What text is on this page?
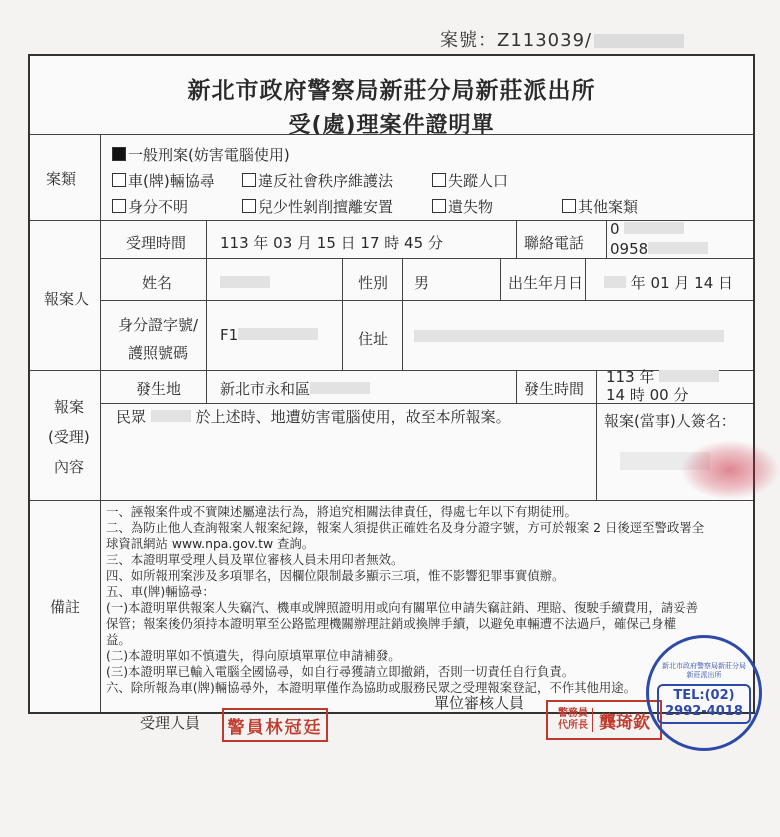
案號：Z113039/
新北市政府警察局新莊分局新莊派出所
受(處)理案件證明單
案類
一般刑案(妨害電腦使用)
車(牌)輛協尋	違反社會秩序維護法	失蹤人口
身分不明	兒少性剝削擅離安置	遺失物	其他案類
報案人
受理時間 113 年 03 月 15 日 17 時 45 分	聯絡電話
0
0958
姓名	性別 男	出生年月日	年 01 月 14 日
身分證字號/
護照號碼
F1	住址
報案
(受理)
內容
發生地	新北市永和區	發生時間
113 年
14 時 00 分
民眾	於上述時、地遭妨害電腦使用，故至本所報案。	報案(當事)人簽名：
備註
一、誣報案件或不實陳述屬違法行為，將追究相關法律責任，得處七年以下有期徒刑。
二、為防止他人查詢報案人報案紀錄，報案人須提供正確姓名及身分證字號，方可於報案 2 日後逕至警政署全
球資訊網站 www.npa.gov.tw 查詢。
三、本證明單受理人員及單位審核人員未用印者無效。
四、如所報刑案涉及多項罪名，因欄位限制最多顯示三項，惟不影響犯罪事實偵辦。
五、車(牌)輛協尋：
(一)本證明單供報案人失竊汽、機車或牌照證明用或向有關單位申請失竊註銷、理賠、復駛手續費用，請妥善
保管；報案後仍須持本證明單至公路監理機關辦理註銷或換牌手續，以避免車輛遭不法過戶，確保己身權
益。
(二)本證明單如不慎遺失，得向原填單單位申請補發。
(三)本證明單已輸入電腦全國協尋，如自行尋獲請立即撤銷，否則一切責任自行負責。
六、除所報為車(牌)輛協尋外，本證明單僅作為協助或服務民眾之受理報案登記，不作其他用途。
受理人員
單位審核人員
警員林冠廷
警務員
代所長 龔琦欽
新北市政府警察局新莊分局新莊派出所
TEL:(02)
2992-4018
